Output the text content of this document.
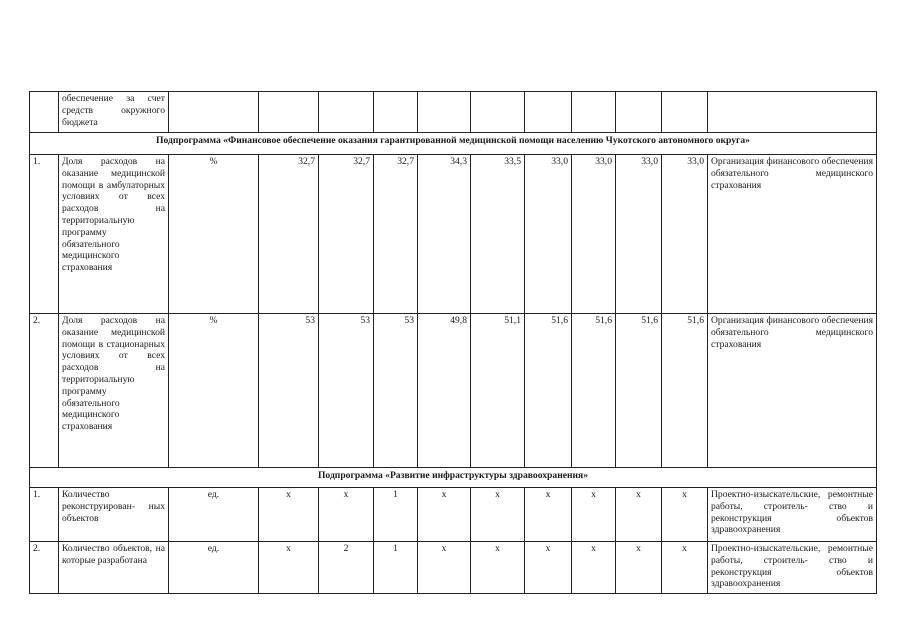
	обеспечение за счет средств окружного бюджета											
Подпрограмма «Финансовое обеспечение оказания гарантированной медицинской помощи населению Чукотского автономного округа»												
1.	Доля расходов на оказание медицинской помощи в амбулаторных условиях от всех расходов на территориальную программу обязательного медицинского страхования	%	32,7	32,7	32,7	34,3	33,5	33,0	33,0	33,0	33,0	Организация финансового обеспечения обязательного медицинского страхования
2.	Доля расходов на оказание медицинской помощи в стационарных условиях от всех расходов на территориальную программу обязательного медицинского страхования	%	53	53	53	49,8	51,1	51,6	51,6	51,6	51,6	Организация финансового обеспечения обязательного медицинского страхования
Подпрограмма «Развитие инфраструктуры здравоохранения»												
1.	Количество реконструирован- ных объектов	ед.	х	х	1	х	х	х	х	х	х	Проектно-изыскательские, ремонтные работы, строитель- ство и реконструкция объектов здравоохранения
2.	Количество объектов, на которые разработана	ед.	х	2	1	х	х	х	х	х	х	Проектно-изыскательские, ремонтные работы, строитель- ство и реконструкция объектов здравоохранения
